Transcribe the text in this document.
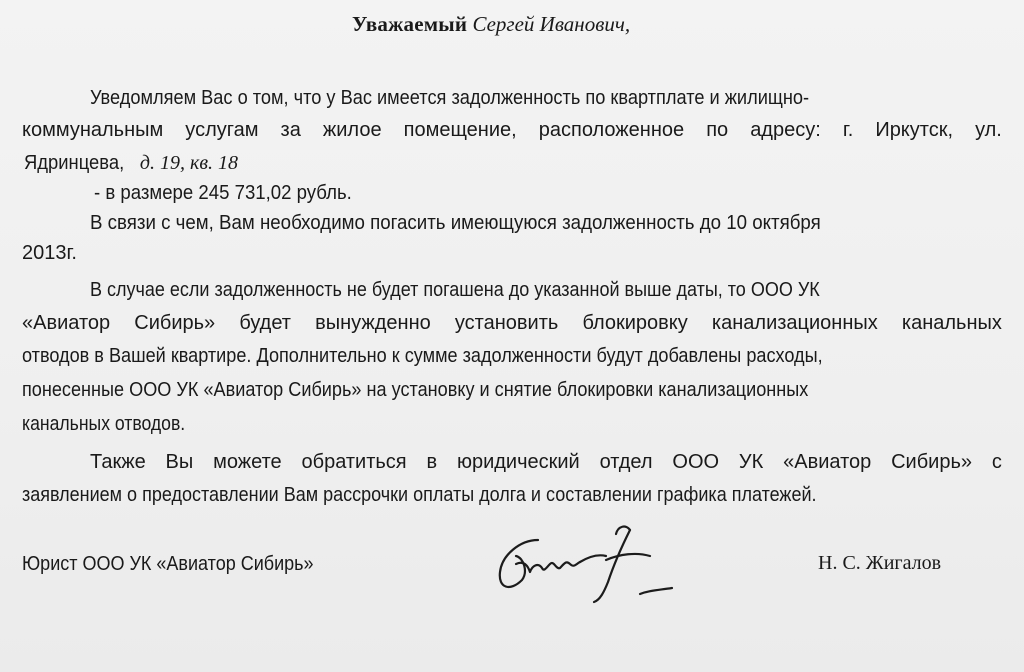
Уважаемый Сергей Иванович,
Уведомляем Вас о том, что у Вас имеется задолженность по квартплате и жилищно-
коммунальным услугам за жилое помещение, расположенное по адресу: г. Иркутск, ул.
Ядринцева, д. 19, кв. 18
- в размере 245 731,02 рубль.
В связи с чем, Вам необходимо погасить имеющуюся задолженность до 10 октября
2013г.
В случае если задолженность не будет погашена до указанной выше даты, то ООО УК
«Авиатор Сибирь» будет вынужденно установить блокировку канализационных канальных
отводов в Вашей квартире. Дополнительно к сумме задолженности будут добавлены расходы,
понесенные ООО УК «Авиатор Сибирь» на установку и снятие блокировки канализационных
канальных отводов.
Также Вы можете обратиться в юридический отдел ООО УК «Авиатор Сибирь» с
заявлением о предоставлении Вам рассрочки оплаты долга и составлении графика платежей.
Юрист ООО УК «Авиатор Сибирь»	Н. С. Жигалов
